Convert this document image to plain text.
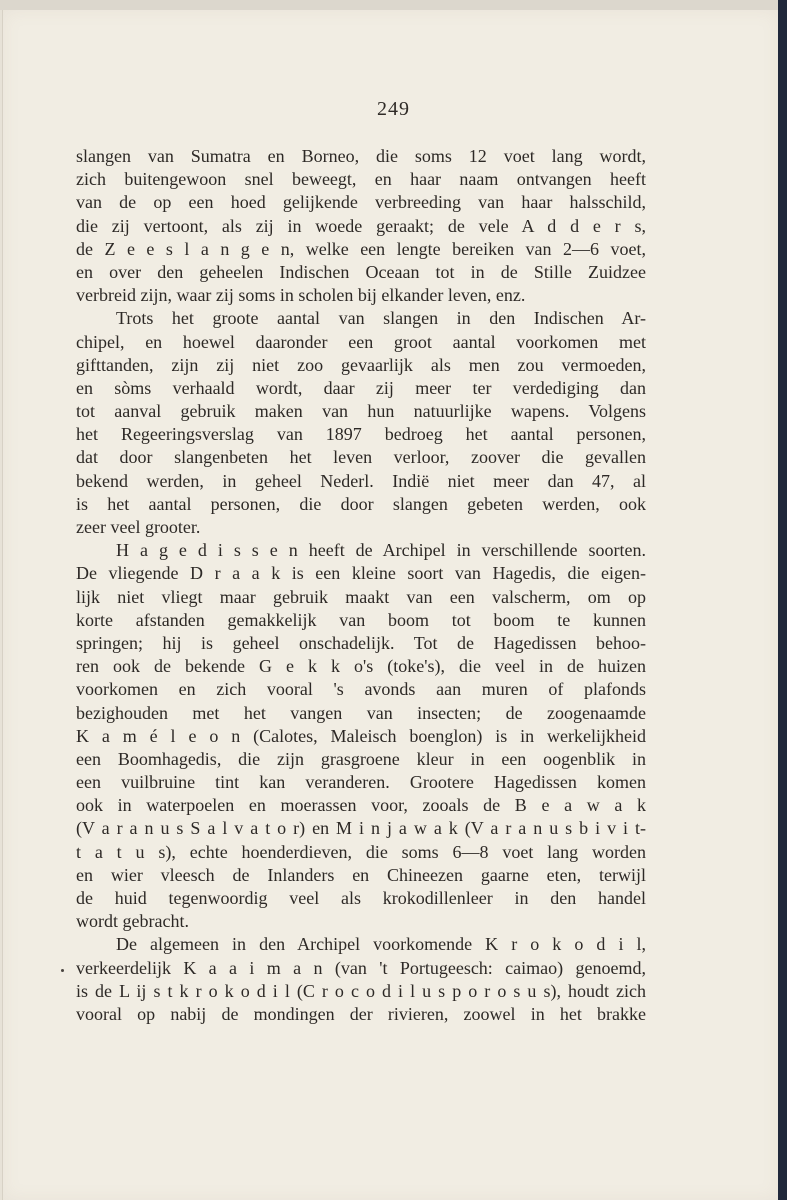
249
slangen van Sumatra en Borneo, die soms 12 voet lang wordt,
zich buitengewoon snel beweegt, en haar naam ontvangen heeft
van de op een hoed gelijkende verbreeding van haar halsschild,
die zij vertoont, als zij in woede geraakt; de vele A d d e r s,
de Z e e s l a n g e n, welke een lengte bereiken van 2—6 voet,
en over den geheelen Indischen Oceaan tot in de Stille Zuidzee
verbreid zijn, waar zij soms in scholen bij elkander leven, enz.
Trots het groote aantal van slangen in den Indischen Ar-
chipel, en hoewel daaronder een groot aantal voorkomen met
gifttanden, zijn zij niet zoo gevaarlijk als men zou vermoeden,
en sòms verhaald wordt, daar zij meer ter verdediging dan
tot aanval gebruik maken van hun natuurlijke wapens. Volgens
het Regeeringsverslag van 1897 bedroeg het aantal personen,
dat door slangenbeten het leven verloor, zoover die gevallen
bekend werden, in geheel Nederl. Indië niet meer dan 47, al
is het aantal personen, die door slangen gebeten werden, ook
zeer veel grooter.
H a g e d i s s e n heeft de Archipel in verschillende soorten.
De vliegende D r a a k is een kleine soort van Hagedis, die eigen-
lijk niet vliegt maar gebruik maakt van een valscherm, om op
korte afstanden gemakkelijk van boom tot boom te kunnen
springen; hij is geheel onschadelijk. Tot de Hagedissen behoo-
ren ook de bekende G e k k o's (toke's), die veel in de huizen
voorkomen en zich vooral 's avonds aan muren of plafonds
bezighouden met het vangen van insecten; de zoogenaamde
K a m é l e o n (Calotes, Maleisch boenglon) is in werkelijkheid
een Boomhagedis, die zijn grasgroene kleur in een oogenblik in
een vuilbruine tint kan veranderen. Grootere Hagedissen komen
ook in waterpoelen en moerassen voor, zooals de B e a w a k
(V a r a n u s S a l v a t o r) en M i n j a w a k (V a r a n u s b i v i t-
t a t u s), echte hoenderdieven, die soms 6—8 voet lang worden
en wier vleesch de Inlanders en Chineezen gaarne eten, terwijl
de huid tegenwoordig veel als krokodillenleer in den handel
wordt gebracht.
De algemeen in den Archipel voorkomende K r o k o d i l,
verkeerdelijk K a a i m a n (van 't Portugeesch: caimao) genoemd,
is de L ij s t k r o k o d i l (C r o c o d i l u s p o r o s u s), houdt zich
vooral op nabij de mondingen der rivieren, zoowel in het brakke
